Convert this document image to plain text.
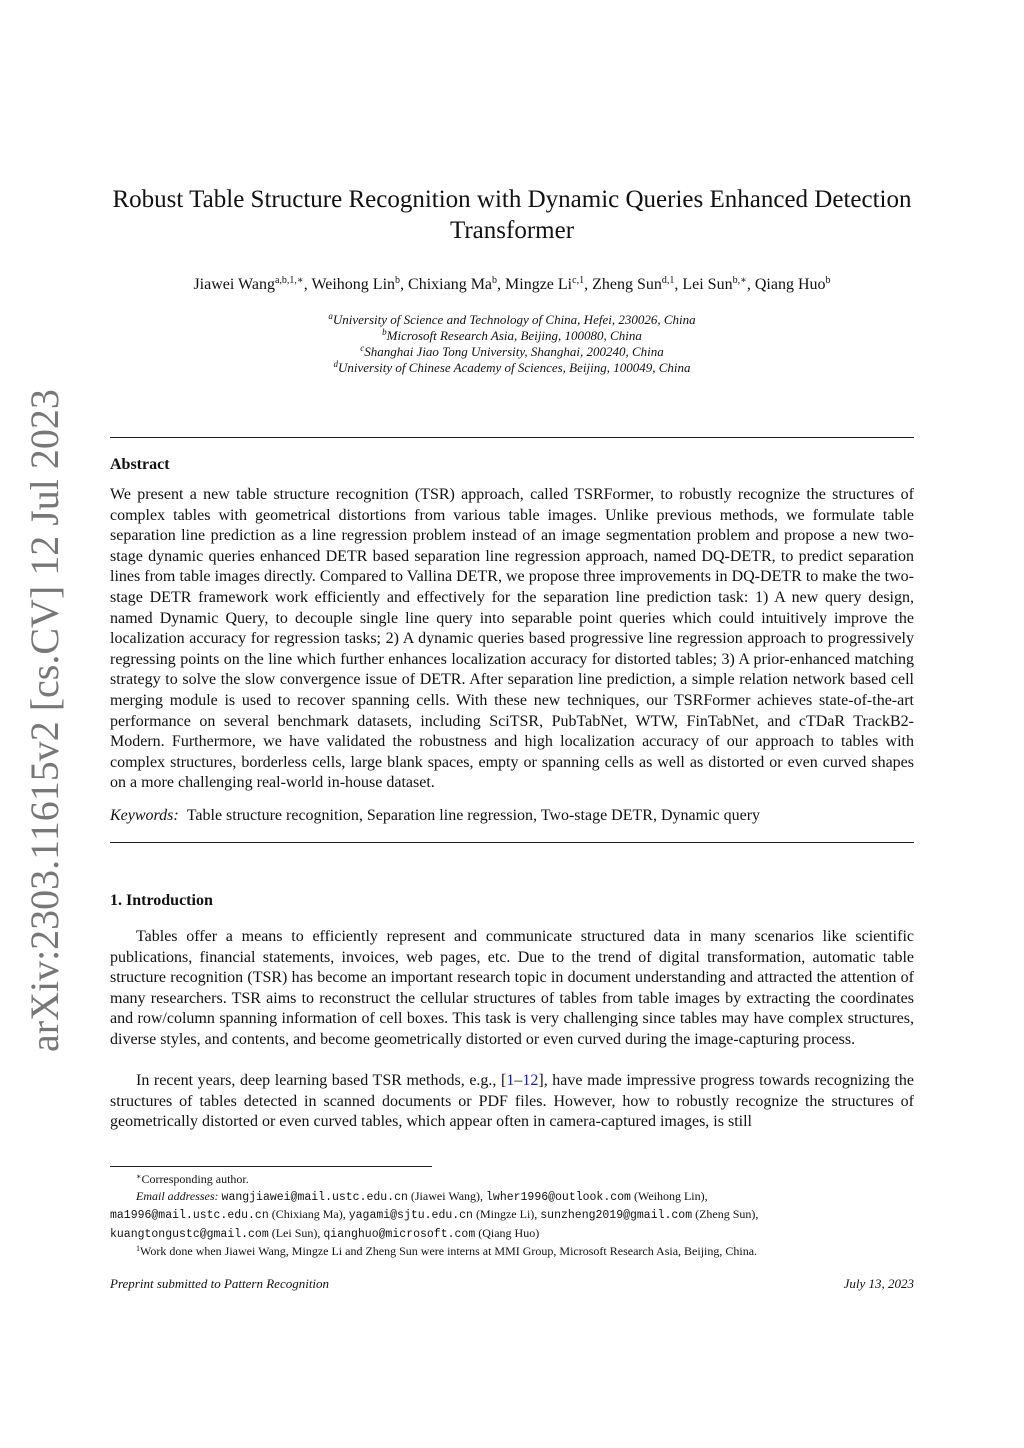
arXiv:2303.11615v2 [cs.CV] 12 Jul 2023
Robust Table Structure Recognition with Dynamic Queries Enhanced Detection Transformer
Jiawei Wang$^{a,b,1,∗}$, Weihong Lin$^b$, Chixiang Ma$^b$, Mingze Li$^{c,1}$, Zheng Sun$^{d,1}$, Lei Sun$^{b,∗}$, Qiang Huo$^b$
$^a$University of Science and Technology of China, Hefei, 230026, China
$^b$Microsoft Research Asia, Beijing, 100080, China
$^c$Shanghai Jiao Tong University, Shanghai, 200240, China
$^d$University of Chinese Academy of Sciences, Beijing, 100049, China
Abstract

We present a new table structure recognition (TSR) approach, called TSRFormer, to robustly recognize the structures of complex tables with geometrical distortions from various table images. Unlike previous methods, we formulate table separation line prediction as a line regression problem instead of an image segmentation problem and propose a new two-stage dynamic queries enhanced DETR based separation line regression approach, named DQ-DETR, to predict separation lines from table images directly. Compared to Vallina DETR, we propose three improvements in DQ-DETR to make the two-stage DETR framework work efficiently and effectively for the separation line prediction task: 1) A new query design, named Dynamic Query, to decouple single line query into separable point queries which could intuitively improve the localization accuracy for regression tasks; 2) A dynamic queries based progressive line regression approach to progressively regressing points on the line which further enhances localization accuracy for distorted tables; 3) A prior-enhanced matching strategy to solve the slow convergence issue of DETR. After separation line prediction, a simple relation network based cell merging module is used to recover spanning cells. With these new techniques, our TSRFormer achieves state-of-the-art performance on several benchmark datasets, including SciTSR, PubTabNet, WTW, FinTabNet, and cTDaR TrackB2-Modern. Furthermore, we have validated the robustness and high localization accuracy of our approach to tables with complex structures, borderless cells, large blank spaces, empty or spanning cells as well as distorted or even curved shapes on a more challenging real-world in-house dataset.

Keywords: Table structure recognition, Separation line regression, Two-stage DETR, Dynamic query

1. Introduction

Tables offer a means to efficiently represent and communicate structured data in many scenarios like scientific publications, financial statements, invoices, web pages, etc. Due to the trend of digital transformation, automatic table structure recognition (TSR) has become an important research topic in document understanding and attracted the attention of many researchers. TSR aims to reconstruct the cellular structures of tables from table images by extracting the coordinates and row/column spanning information of cell boxes. This task is very challenging since tables may have complex structures, diverse styles, and contents, and become geometrically distorted or even curved during the image-capturing process.

In recent years, deep learning based TSR methods, e.g., [1–12], have made impressive progress towards recognizing the structures of tables detected in scanned documents or PDF files. However, how to robustly recognize the structures of geometrically distorted or even curved tables, which appear often in camera-captured images, is still

∗Corresponding author.
Email addresses: wangjiawei@mail.ustc.edu.cn (Jiawei Wang), lwher1996@outlook.com (Weihong Lin),
ma1996@mail.ustc.edu.cn (Chixiang Ma), yagami@sjtu.edu.cn (Mingze Li), sunzheng2019@gmail.com (Zheng Sun),
kuangtongustc@gmail.com (Lei Sun), qianghuo@microsoft.com (Qiang Huo)
$^1$Work done when Jiawei Wang, Mingze Li and Zheng Sun were interns at MMI Group, Microsoft Research Asia, Beijing, China.
Preprint submitted to Pattern Recognition	July 13, 2023
